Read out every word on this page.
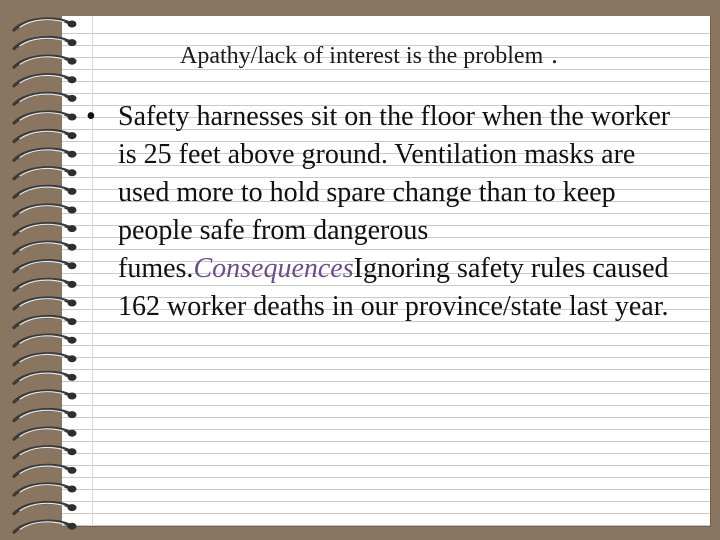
Apathy/lack of interest is the problem .
• Safety harnesses sit on the floor when the worker is 25 feet above ground. Ventilation masks are used more to hold spare change than to keep people safe from dangerous fumes.ConsequencesIgnoring safety rules caused 162 worker deaths in our province/state last year.
